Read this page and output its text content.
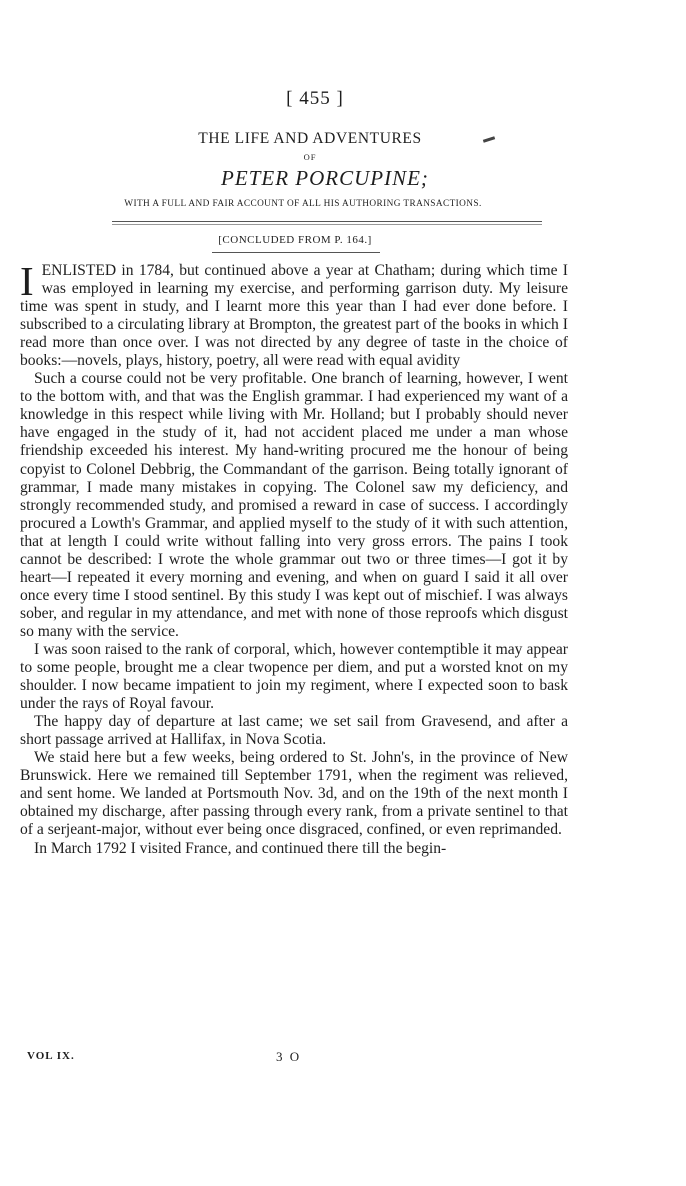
[ 455 ]
THE LIFE AND ADVENTURES
OF
PETER PORCUPINE;
WITH A FULL AND FAIR ACCOUNT OF ALL HIS AUTHORING TRANSACTIONS.
[CONCLUDED FROM P. 164.]

IENLISTED in 1784, but continued above a year at Chatham; during which time I was employed in learning my exercise, and performing garrison duty. My leisure time was spent in study, and I learnt more this year than I had ever done before. I subscribed to a circulating library at Brompton, the greatest part of the books in which I read more than once over. I was not directed by any degree of taste in the choice of books:—novels, plays, history, poetry, all were read with equal avidity

Such a course could not be very profitable. One branch of learning, however, I went to the bottom with, and that was the English grammar. I had experienced my want of a knowledge in this respect while living with Mr. Holland; but I probably should never have engaged in the study of it, had not accident placed me under a man whose friendship exceeded his interest. My hand-writing procured me the honour of being copyist to Colonel Debbrig, the Commandant of the garrison. Being totally ignorant of grammar, I made many mistakes in copying. The Colonel saw my deficiency, and strongly recommended study, and promised a reward in case of success. I accordingly procured a Lowth's Grammar, and applied myself to the study of it with such attention, that at length I could write without falling into very gross errors. The pains I took cannot be described: I wrote the whole grammar out two or three times—I got it by heart—I repeated it every morning and evening, and when on guard I said it all over once every time I stood sentinel. By this study I was kept out of mischief. I was always sober, and regular in my attendance, and met with none of those reproofs which disgust so many with the service.

I was soon raised to the rank of corporal, which, however contemptible it may appear to some people, brought me a clear twopence per diem, and put a worsted knot on my shoulder. I now became impatient to join my regiment, where I expected soon to bask under the rays of Royal favour.

The happy day of departure at last came; we set sail from Gravesend, and after a short passage arrived at Hallifax, in Nova Scotia.

We staid here but a few weeks, being ordered to St. John's, in the province of New Brunswick. Here we remained till September 1791, when the regiment was relieved, and sent home. We landed at Portsmouth Nov. 3d, and on the 19th of the next month I obtained my discharge, after passing through every rank, from a private sentinel to that of a serjeant-major, without ever being once disgraced, confined, or even reprimanded.

In March 1792 I visited France, and continued there till the begin-

VOL IX.	3 O
